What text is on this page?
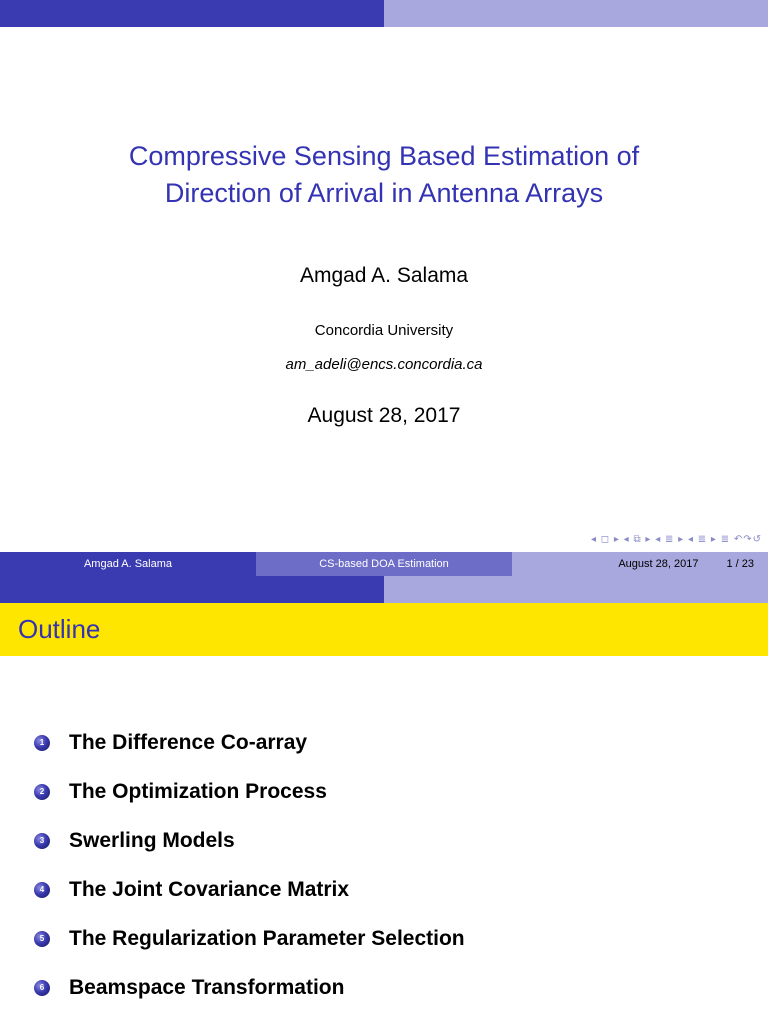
Compressive Sensing Based Estimation of
Direction of Arrival in Antenna Arrays
Amgad A. Salama
Concordia University
am_adeli@encs.concordia.ca
August 28, 2017
◂ ◻ ▸ ◂ ⧉ ▸ ◂ ≣ ▸ ◂ ≣ ▸ ≣ ↶↷↺
Amgad A. Salama	CS-based DOA Estimation	August 28, 2017	1 / 23
Outline
1 The Difference Co-array
2 The Optimization Process
3 Swerling Models
4 The Joint Covariance Matrix
5 The Regularization Parameter Selection
6 Beamspace Transformation
